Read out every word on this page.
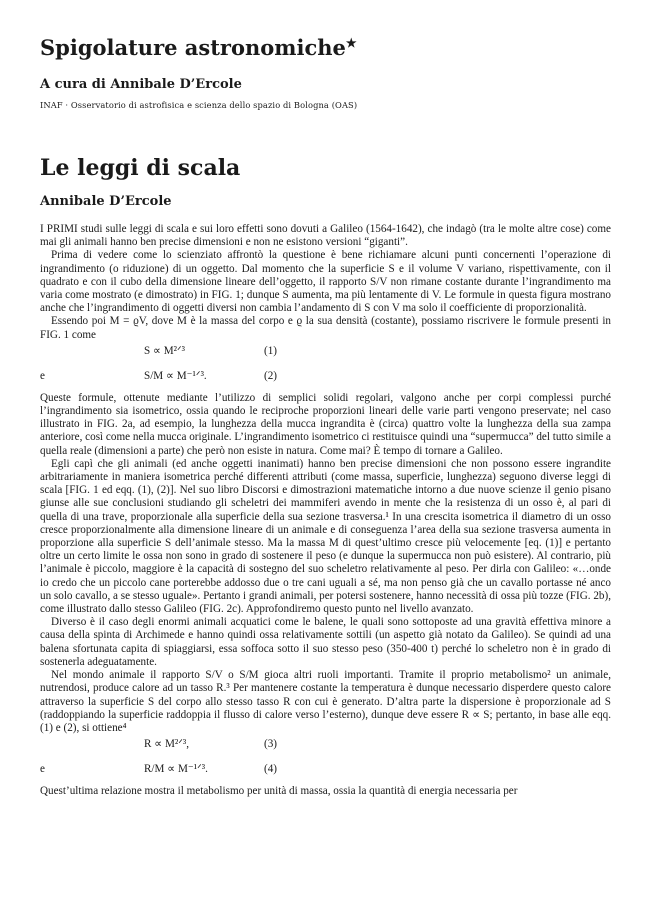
Spigolature astronomiche★
A cura di Annibale D’Ercole
INAF · Osservatorio di astrofisica e scienza dello spazio di Bologna (OAS)
Le leggi di scala
Annibale D’Ercole

I PRIMI studi sulle leggi di scala e sui loro effetti sono dovuti a Galileo (1564-1642), che indagò (tra le molte altre cose) come mai gli animali hanno ben precise dimensioni e non ne esistono versioni “giganti”.

Prima di vedere come lo scienziato affrontò la questione è bene richiamare alcuni punti concernenti l’operazione di ingrandimento (o riduzione) di un oggetto. Dal momento che la superficie S e il volume V variano, rispettivamente, con il quadrato e con il cubo della dimensione lineare dell’oggetto, il rapporto S/V non rimane costante durante l’ingrandimento ma varia come mostrato (e dimostrato) in FIG. 1; dunque S aumenta, ma più lentamente di V. Le formule in questa figura mostrano anche che l’ingrandimento di oggetti diversi non cambia l’andamento di S con V ma solo il coefficiente di proporzionalità.

Essendo poi M = ϱV, dove M è la massa del corpo e ϱ la sua densità (costante), possiamo riscrivere le formule presenti in FIG. 1 come

S ∝ M²ᐟ³	(1)
e	S/M ∝ M⁻¹ᐟ³.	(2)

Queste formule, ottenute mediante l’utilizzo di semplici solidi regolari, valgono anche per corpi complessi purché l’ingrandimento sia isometrico, ossia quando le reciproche proporzioni lineari delle varie parti vengono preservate; nel caso illustrato in FIG. 2a, ad esempio, la lunghezza della mucca ingrandita è (circa) quattro volte la lunghezza della sua zampa anteriore, così come nella mucca originale. L’ingrandimento isometrico ci restituisce quindi una “supermucca” del tutto simile a quella reale (dimensioni a parte) che però non esiste in natura. Come mai? È tempo di tornare a Galileo.

Egli capì che gli animali (ed anche oggetti inanimati) hanno ben precise dimensioni che non possono essere ingrandite arbitrariamente in maniera isometrica perché differenti attributi (come massa, superficie, lunghezza) seguono diverse leggi di scala [FIG. 1 ed eqq. (1), (2)]. Nel suo libro Discorsi e dimostrazioni matematiche intorno a due nuove scienze il genio pisano giunse alle sue conclusioni studiando gli scheletri dei mammiferi avendo in mente che la resistenza di un osso è, al pari di quella di una trave, proporzionale alla superficie della sua sezione trasversa.¹ In una crescita isometrica il diametro di un osso cresce proporzionalmente alla dimensione lineare di un animale e di conseguenza l’area della sua sezione trasversa aumenta in proporzione alla superficie S dell’animale stesso. Ma la massa M di quest’ultimo cresce più velocemente [eq. (1)] e pertanto oltre un certo limite le ossa non sono in grado di sostenere il peso (e dunque la supermucca non può esistere). Al contrario, più l’animale è piccolo, maggiore è la capacità di sostegno del suo scheletro relativamente al peso. Per dirla con Galileo: «…onde io credo che un piccolo cane porterebbe addosso due o tre cani uguali a sé, ma non penso già che un cavallo portasse né anco un solo cavallo, a se stesso uguale». Pertanto i grandi animali, per potersi sostenere, hanno necessità di ossa più tozze (FIG. 2b), come illustrato dallo stesso Galileo (FIG. 2c). Approfondiremo questo punto nel livello avanzato.

Diverso è il caso degli enormi animali acquatici come le balene, le quali sono sottoposte ad una gravità effettiva minore a causa della spinta di Archimede e hanno quindi ossa relativamente sottili (un aspetto già notato da Galileo). Se quindi ad una balena sfortunata capita di spiaggiarsi, essa soffoca sotto il suo stesso peso (350-400 t) perché lo scheletro non è in grado di sostenerla adeguatamente.

Nel mondo animale il rapporto S/V o S/M gioca altri ruoli importanti. Tramite il proprio metabolismo² un animale, nutrendosi, produce calore ad un tasso R.³ Per mantenere costante la temperatura è dunque necessario disperdere questo calore attraverso la superficie S del corpo allo stesso tasso R con cui è generato. D’altra parte la dispersione è proporzionale ad S (raddoppiando la superficie raddoppia il flusso di calore verso l’esterno), dunque deve essere R ∝ S; pertanto, in base alle eqq. (1) e (2), si ottiene⁴

R ∝ M²ᐟ³,	(3)
e	R/M ∝ M⁻¹ᐟ³.	(4)

Quest’ultima relazione mostra il metabolismo per unità di massa, ossia la quantità di energia necessaria per
